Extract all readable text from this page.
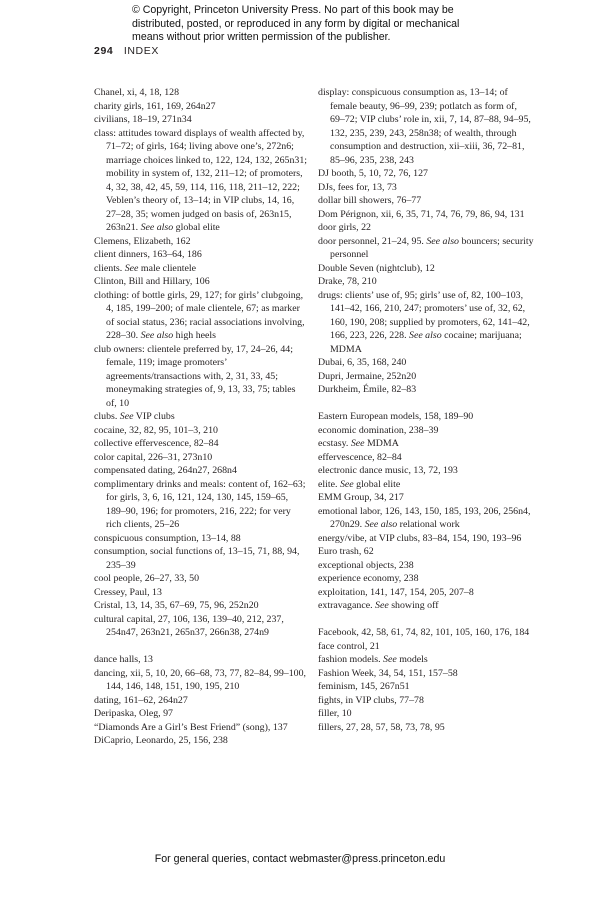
© Copyright, Princeton University Press. No part of this book may be
distributed, posted, or reproduced in any form by digital or mechanical
means without prior written permission of the publisher.
294 INDEX
Chanel, xi, 4, 18, 128
charity girls, 161, 169, 264n27
civilians, 18–19, 271n34
class: attitudes toward displays of wealth affected by, 71–72; of girls, 164; living above one’s, 272n6; marriage choices linked to, 122, 124, 132, 265n31; mobility in system of, 132, 211–12; of promoters, 4, 32, 38, 42, 45, 59, 114, 116, 118, 211–12, 222; Veblen’s theory of, 13–14; in VIP clubs, 14, 16, 27–28, 35; women judged on basis of, 263n15, 263n21. See also global elite
Clemens, Elizabeth, 162
client dinners, 163–64, 186
clients. See male clientele
Clinton, Bill and Hillary, 106
clothing: of bottle girls, 29, 127; for girls’ clubgoing, 4, 185, 199–200; of male clientele, 67; as marker of social status, 236; racial associations involving, 228–30. See also high heels
club owners: clientele preferred by, 17, 24–26, 44; female, 119; image promoters’ agreements/transactions with, 2, 31, 33, 45; moneymaking strategies of, 9, 13, 33, 75; tables of, 10
clubs. See VIP clubs
cocaine, 32, 82, 95, 101–3, 210
collective effervescence, 82–84
color capital, 226–31, 273n10
compensated dating, 264n27, 268n4
complimentary drinks and meals: content of, 162–63; for girls, 3, 6, 16, 121, 124, 130, 145, 159–65, 189–90, 196; for promoters, 216, 222; for very rich clients, 25–26
conspicuous consumption, 13–14, 88
consumption, social functions of, 13–15, 71, 88, 94, 235–39
cool people, 26–27, 33, 50
Cressey, Paul, 13
Cristal, 13, 14, 35, 67–69, 75, 96, 252n20
cultural capital, 27, 106, 136, 139–40, 212, 237, 254n47, 263n21, 265n37, 266n38, 274n9
dance halls, 13
dancing, xii, 5, 10, 20, 66–68, 73, 77, 82–84, 99–100, 144, 146, 148, 151, 190, 195, 210
dating, 161–62, 264n27
Deripaska, Oleg, 97
“Diamonds Are a Girl’s Best Friend” (song), 137
DiCaprio, Leonardo, 25, 156, 238
display: conspicuous consumption as, 13–14; of female beauty, 96–99, 239; potlatch as form of, 69–72; VIP clubs’ role in, xii, 7, 14, 87–88, 94–95, 132, 235, 239, 243, 258n38; of wealth, through consumption and destruction, xii–xiii, 36, 72–81, 85–96, 235, 238, 243
DJ booth, 5, 10, 72, 76, 127
DJs, fees for, 13, 73
dollar bill showers, 76–77
Dom Pérignon, xii, 6, 35, 71, 74, 76, 79, 86, 94, 131
door girls, 22
door personnel, 21–24, 95. See also bouncers; security personnel
Double Seven (nightclub), 12
Drake, 78, 210
drugs: clients’ use of, 95; girls’ use of, 82, 100–103, 141–42, 166, 210, 247; promoters’ use of, 32, 62, 160, 190, 208; supplied by promoters, 62, 141–42, 166, 223, 226, 228. See also cocaine; marijuana; MDMA
Dubai, 6, 35, 168, 240
Dupri, Jermaine, 252n20
Durkheim, Émile, 82–83
Eastern European models, 158, 189–90
economic domination, 238–39
ecstasy. See MDMA
effervescence, 82–84
electronic dance music, 13, 72, 193
elite. See global elite
EMM Group, 34, 217
emotional labor, 126, 143, 150, 185, 193, 206, 256n4, 270n29. See also relational work
energy/vibe, at VIP clubs, 83–84, 154, 190, 193–96
Euro trash, 62
exceptional objects, 238
experience economy, 238
exploitation, 141, 147, 154, 205, 207–8
extravagance. See showing off
Facebook, 42, 58, 61, 74, 82, 101, 105, 160, 176, 184
face control, 21
fashion models. See models
Fashion Week, 34, 54, 151, 157–58
feminism, 145, 267n51
fights, in VIP clubs, 77–78
filler, 10
fillers, 27, 28, 57, 58, 73, 78, 95
For general queries, contact webmaster@press.princeton.edu
